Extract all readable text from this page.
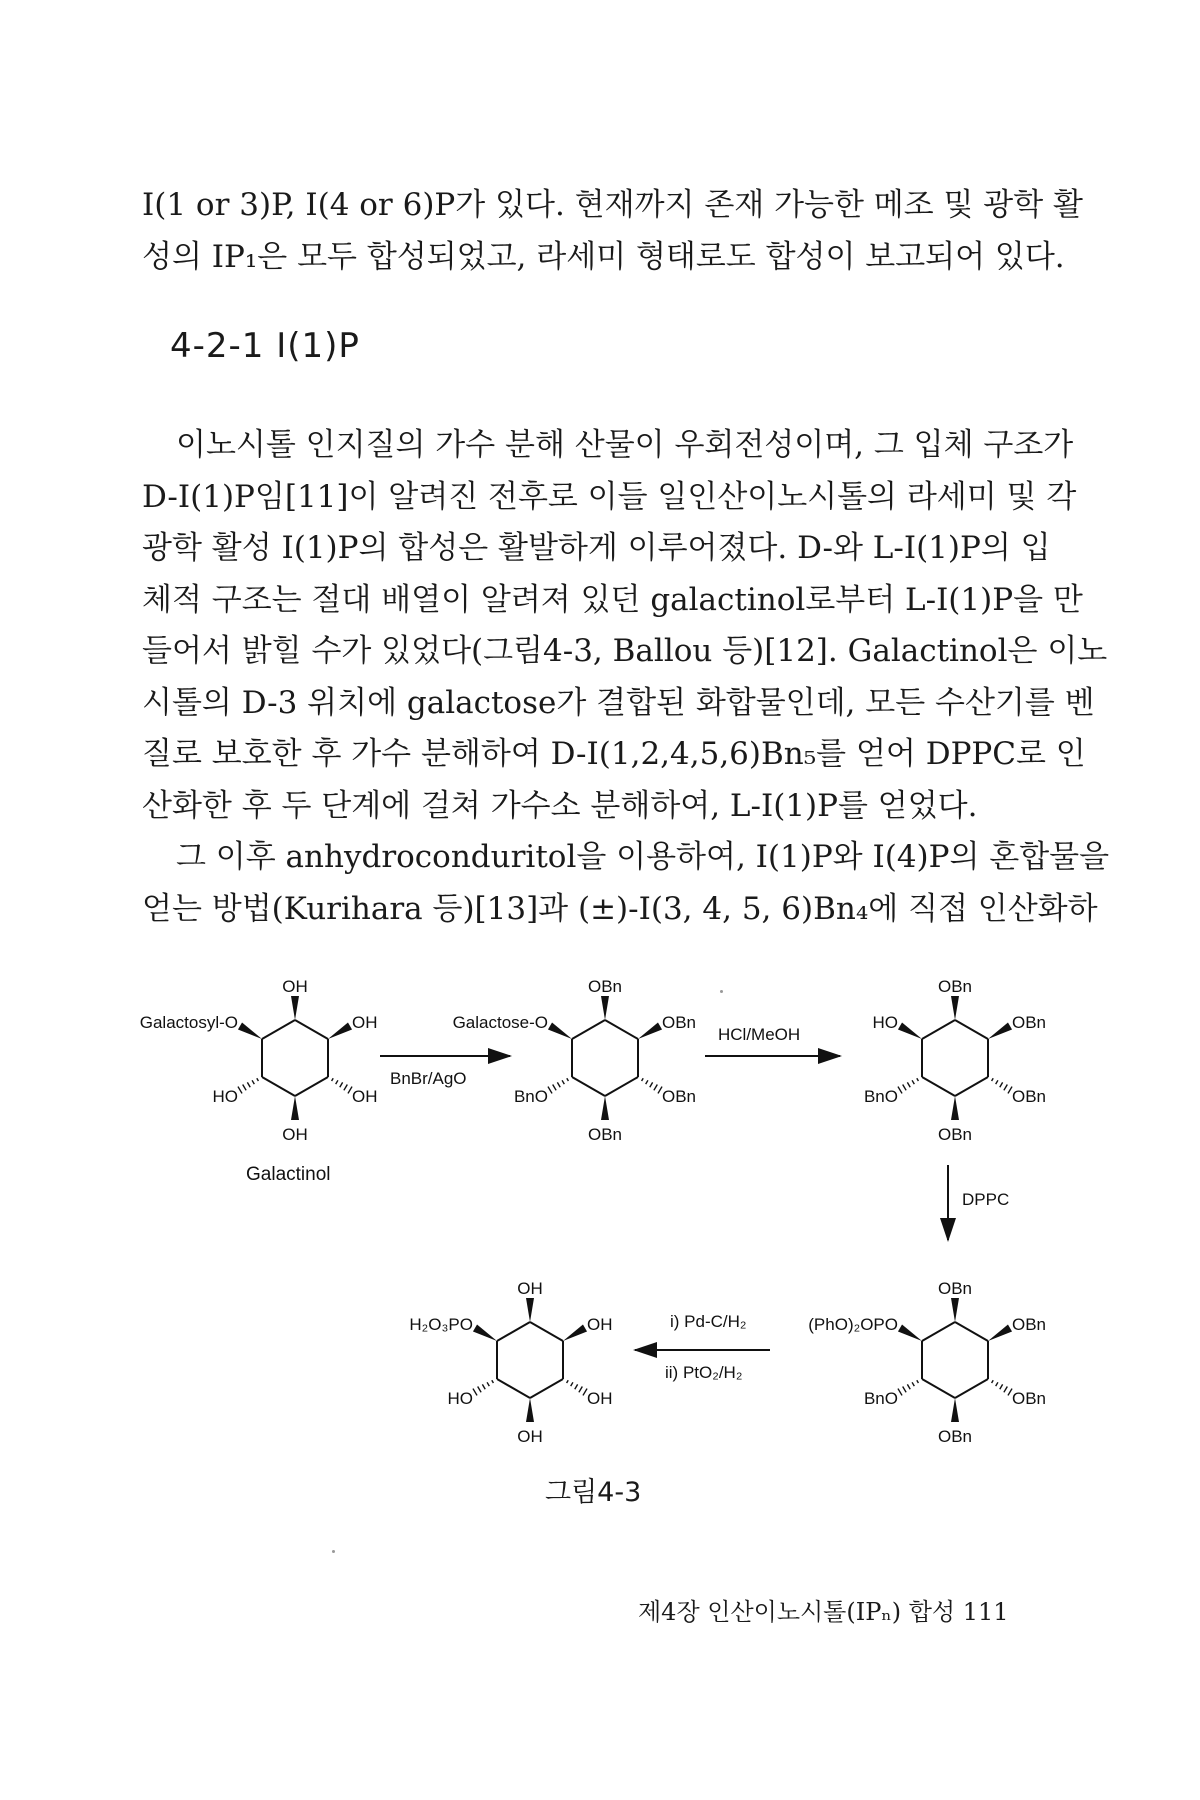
I(1 or 3)P, I(4 or 6)P가 있다. 현재까지 존재 가능한 메조 및 광학 활
성의 IP₁은 모두 합성되었고, 라세미 형태로도 합성이 보고되어 있다.
4-2-1 I(1)P
이노시톨 인지질의 가수 분해 산물이 우회전성이며, 그 입체 구조가
D-I(1)P임[11]이 알려진 전후로 이들 일인산이노시톨의 라세미 및 각
광학 활성 I(1)P의 합성은 활발하게 이루어졌다. D-와 L-I(1)P의 입
체적 구조는 절대 배열이 알려져 있던 galactinol로부터 L-I(1)P을 만
들어서 밝힐 수가 있었다(그림4-3, Ballou 등)[12]. Galactinol은 이노
시톨의 D-3 위치에 galactose가 결합된 화합물인데, 모든 수산기를 벤
질로 보호한 후 가수 분해하여 D-I(1,2,4,5,6)Bn₅를 얻어 DPPC로 인
산화한 후 두 단계에 걸쳐 가수소 분해하여, L-I(1)P를 얻었다.
그 이후 anhydroconduritol을 이용하여, I(1)P와 I(4)P의 혼합물을
얻는 방법(Kurihara 등)[13]과 (±)-I(3, 4, 5, 6)Bn₄에 직접 인산화하
OH
Galactosyl-O	OH
HO	OH
OH
OBn
Galactose-O	OBn
BnO	OBn
OBn
OBn
HO	OBn
BnO	OBn
OBn
OBn
(PhO)₂OPO	OBn
BnO	OBn
OBn
OH
H₂O₃PO	OH
HO	OH
OH
BnBr/AgO
HCl/MeOH
DPPC
i) Pd-C/H₂
ii) PtO₂/H₂
Galactinol
그림4-3
제4장 인산이노시톨(IPₙ) 합성 111
